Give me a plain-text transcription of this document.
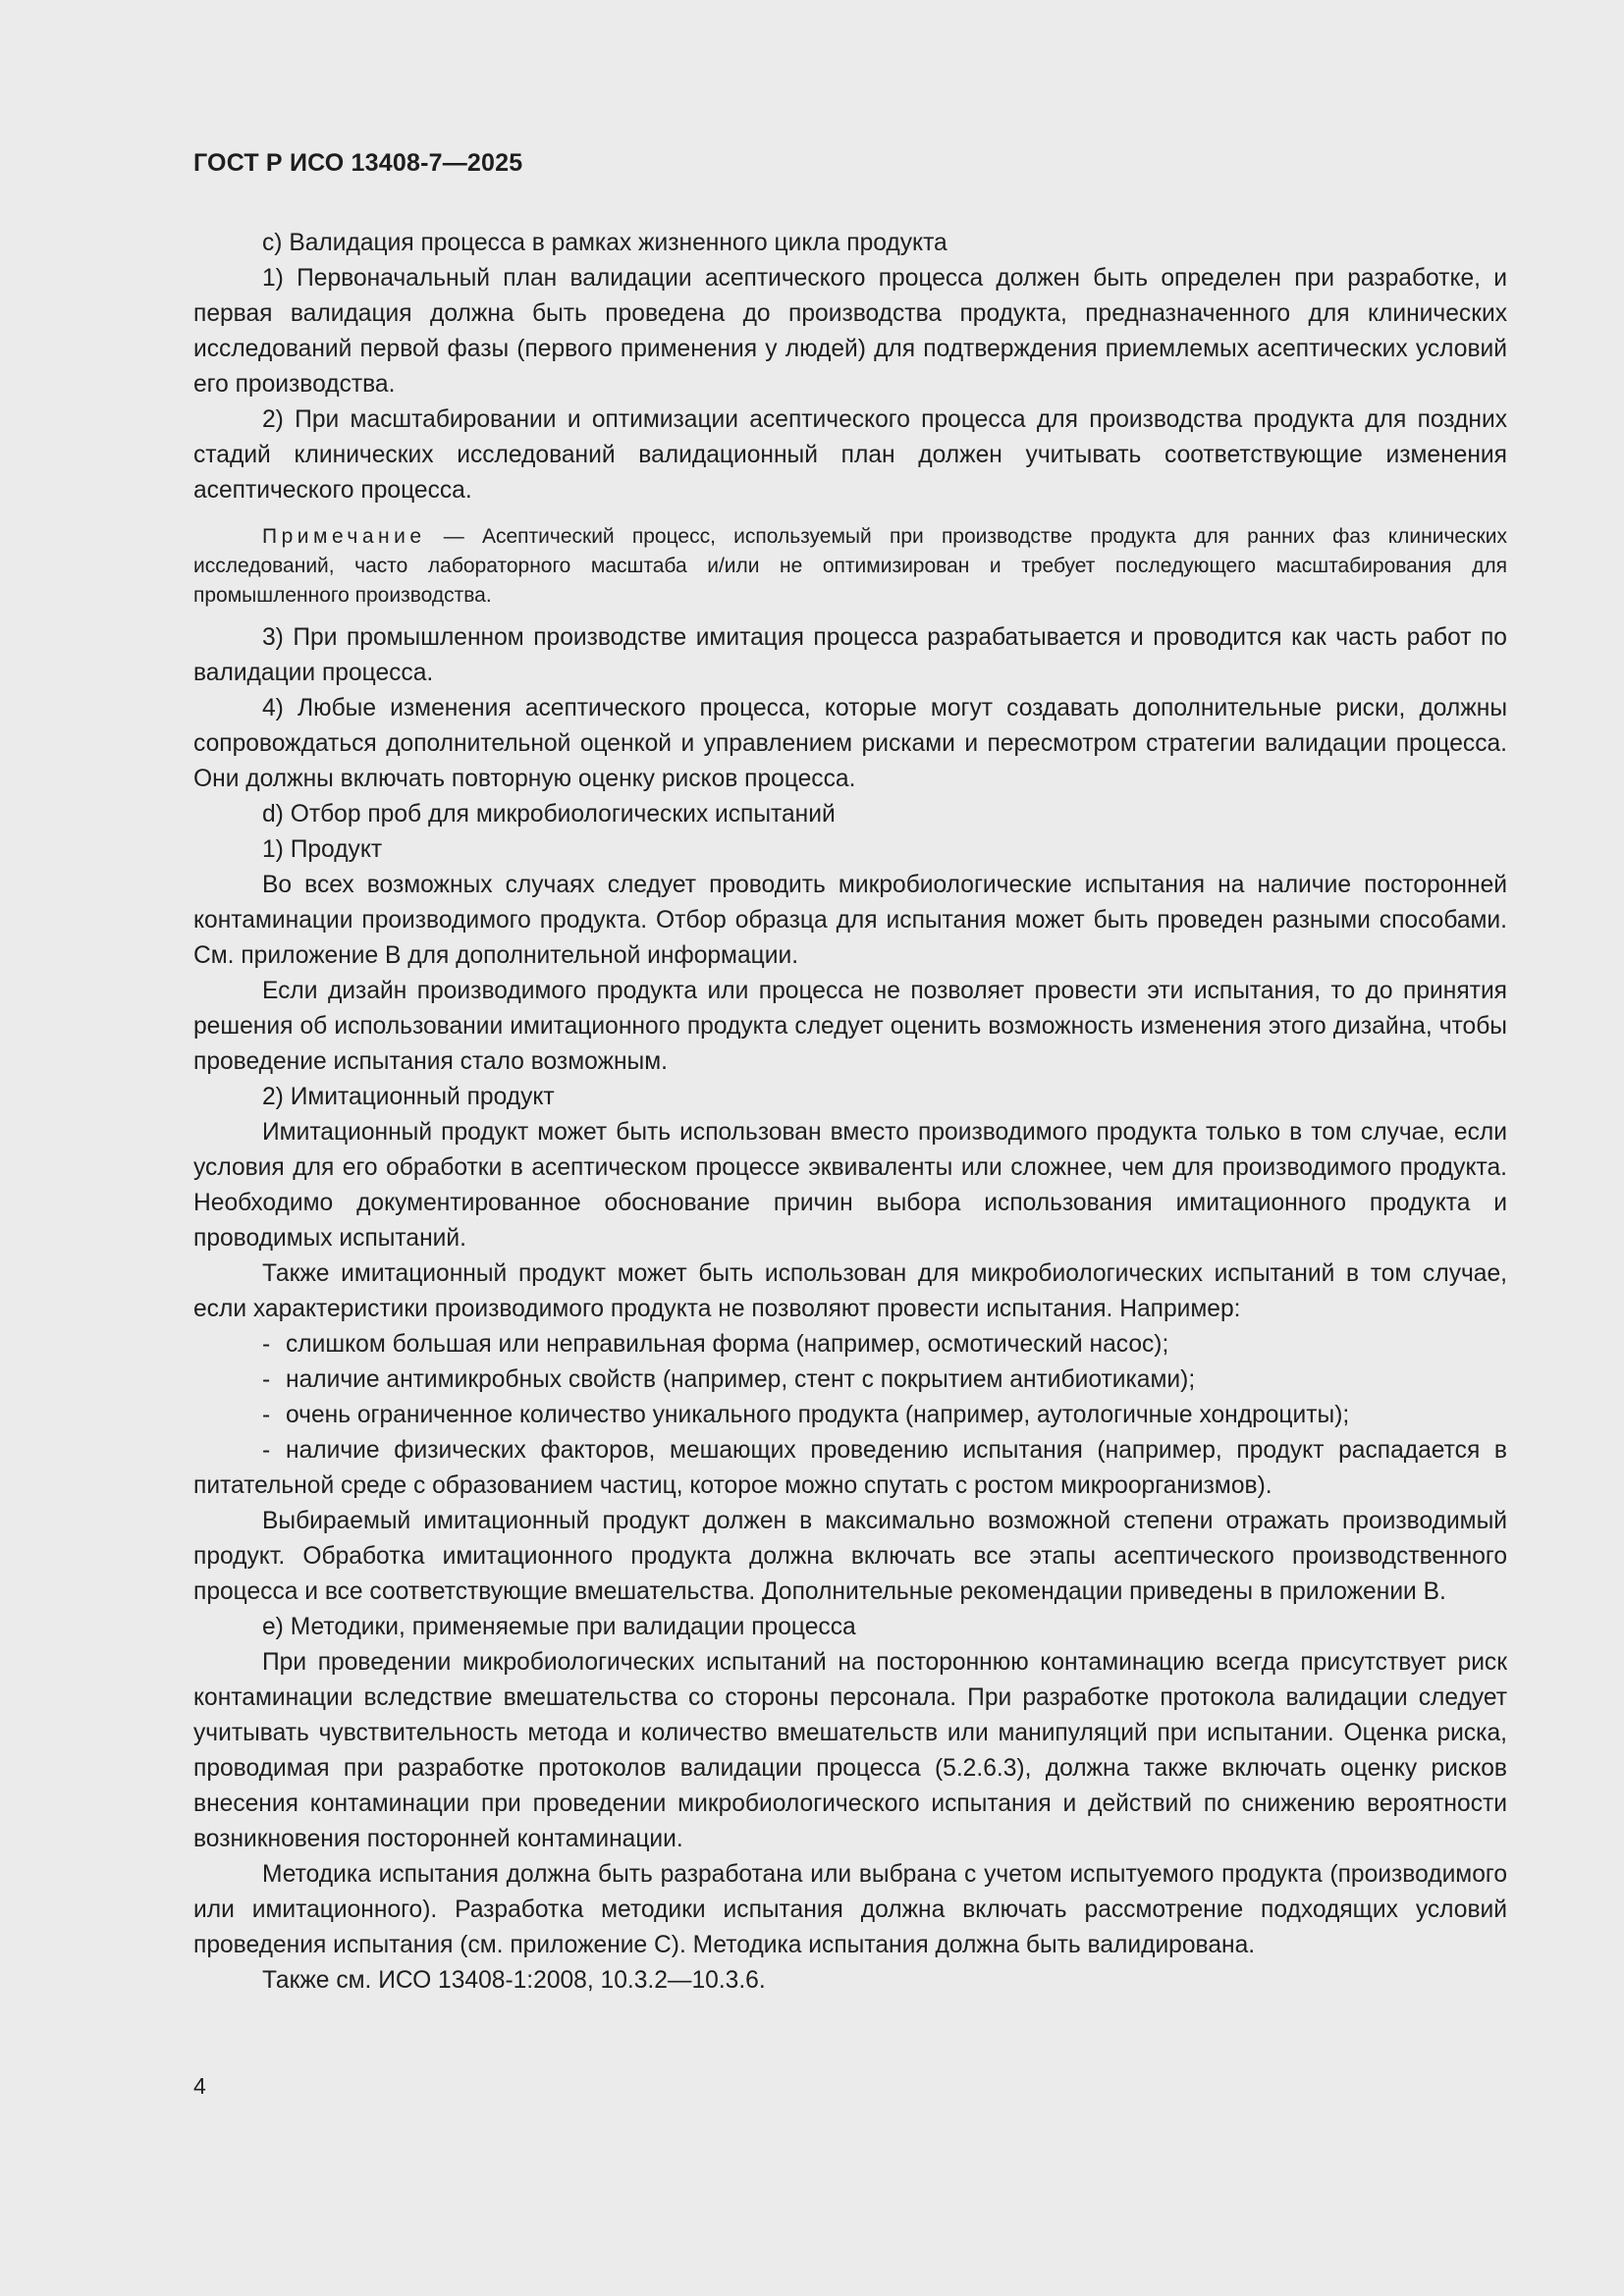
ГОСТ Р ИСО 13408-7—2025

c) Валидация процесса в рамках жизненного цикла продукта

1) Первоначальный план валидации асептического процесса должен быть определен при разработке, и первая валидация должна быть проведена до производства продукта, предназначенного для клинических исследований первой фазы (первого применения у людей) для подтверждения приемлемых асептических условий его производства.

2) При масштабировании и оптимизации асептического процесса для производства продукта для поздних стадий клинических исследований валидационный план должен учитывать соответствующие изменения асептического процесса.

Примечание — Асептический процесс, используемый при производстве продукта для ранних фаз клинических исследований, часто лабораторного масштаба и/или не оптимизирован и требует последующего масштабирования для промышленного производства.

3) При промышленном производстве имитация процесса разрабатывается и проводится как часть работ по валидации процесса.

4) Любые изменения асептического процесса, которые могут создавать дополнительные риски, должны сопровождаться дополнительной оценкой и управлением рисками и пересмотром стратегии валидации процесса. Они должны включать повторную оценку рисков процесса.

d) Отбор проб для микробиологических испытаний

1) Продукт

Во всех возможных случаях следует проводить микробиологические испытания на наличие посторонней контаминации производимого продукта. Отбор образца для испытания может быть проведен разными способами. См. приложение В для дополнительной информации.

Если дизайн производимого продукта или процесса не позволяет провести эти испытания, то до принятия решения об использовании имитационного продукта следует оценить возможность изменения этого дизайна, чтобы проведение испытания стало возможным.

2) Имитационный продукт

Имитационный продукт может быть использован вместо производимого продукта только в том случае, если условия для его обработки в асептическом процессе эквиваленты или сложнее, чем для производимого продукта. Необходимо документированное обоснование причин выбора использования имитационного продукта и проводимых испытаний.

Также имитационный продукт может быть использован для микробиологических испытаний в том случае, если характеристики производимого продукта не позволяют провести испытания. Например:

- слишком большая или неправильная форма (например, осмотический насос);

- наличие антимикробных свойств (например, стент с покрытием антибиотиками);

- очень ограниченное количество уникального продукта (например, аутологичные хондроциты);

- наличие физических факторов, мешающих проведению испытания (например, продукт распадается в питательной среде с образованием частиц, которое можно спутать с ростом микроорганизмов).

Выбираемый имитационный продукт должен в максимально возможной степени отражать производимый продукт. Обработка имитационного продукта должна включать все этапы асептического производственного процесса и все соответствующие вмешательства. Дополнительные рекомендации приведены в приложении В.

e) Методики, применяемые при валидации процесса

При проведении микробиологических испытаний на постороннюю контаминацию всегда присутствует риск контаминации вследствие вмешательства со стороны персонала. При разработке протокола валидации следует учитывать чувствительность метода и количество вмешательств или манипуляций при испытании. Оценка риска, проводимая при разработке протоколов валидации процесса (5.2.6.3), должна также включать оценку рисков внесения контаминации при проведении микробиологического испытания и действий по снижению вероятности возникновения посторонней контаминации.

Методика испытания должна быть разработана или выбрана с учетом испытуемого продукта (производимого или имитационного). Разработка методики испытания должна включать рассмотрение подходящих условий проведения испытания (см. приложение С). Методика испытания должна быть валидирована.

Также см. ИСО 13408-1:2008, 10.3.2—10.3.6.

4
